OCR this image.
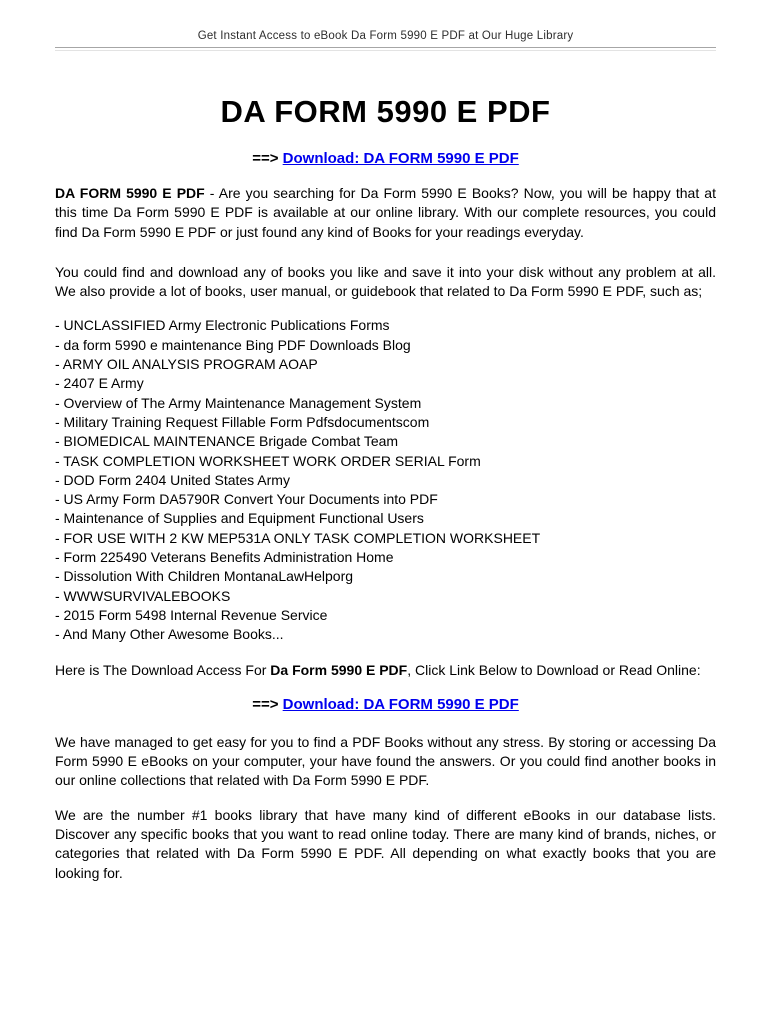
Get Instant Access to eBook Da Form 5990 E PDF at Our Huge Library
DA FORM 5990 E PDF
==> Download: DA FORM 5990 E PDF

DA FORM 5990 E PDF - Are you searching for Da Form 5990 E Books? Now, you will be happy that at this time Da Form 5990 E PDF is available at our online library. With our complete resources, you could find Da Form 5990 E PDF or just found any kind of Books for your readings everyday.

You could find and download any of books you like and save it into your disk without any problem at all. We also provide a lot of books, user manual, or guidebook that related to Da Form 5990 E PDF, such as;

- UNCLASSIFIED Army Electronic Publications Forms
- da form 5990 e maintenance Bing PDF Downloads Blog
- ARMY OIL ANALYSIS PROGRAM AOAP
- 2407 E Army
- Overview of The Army Maintenance Management System
- Military Training Request Fillable Form Pdfsdocumentscom
- BIOMEDICAL MAINTENANCE Brigade Combat Team
- TASK COMPLETION WORKSHEET WORK ORDER SERIAL Form
- DOD Form 2404 United States Army
- US Army Form DA5790R Convert Your Documents into PDF
- Maintenance of Supplies and Equipment Functional Users
- FOR USE WITH 2 KW MEP531A ONLY TASK COMPLETION WORKSHEET
- Form 225490 Veterans Benefits Administration Home
- Dissolution With Children MontanaLawHelporg
- WWWSURVIVALEBOOKS
- 2015 Form 5498 Internal Revenue Service
- And Many Other Awesome Books...

Here is The Download Access For Da Form 5990 E PDF, Click Link Below to Download or Read Online:

==> Download: DA FORM 5990 E PDF

We have managed to get easy for you to find a PDF Books without any stress. By storing or accessing Da Form 5990 E eBooks on your computer, your have found the answers. Or you could find another books in our online collections that related with Da Form 5990 E PDF.

We are the number #1 books library that have many kind of different eBooks in our database lists. Discover any specific books that you want to read online today. There are many kind of brands, niches, or categories that related with Da Form 5990 E PDF. All depending on what exactly books that you are looking for.
